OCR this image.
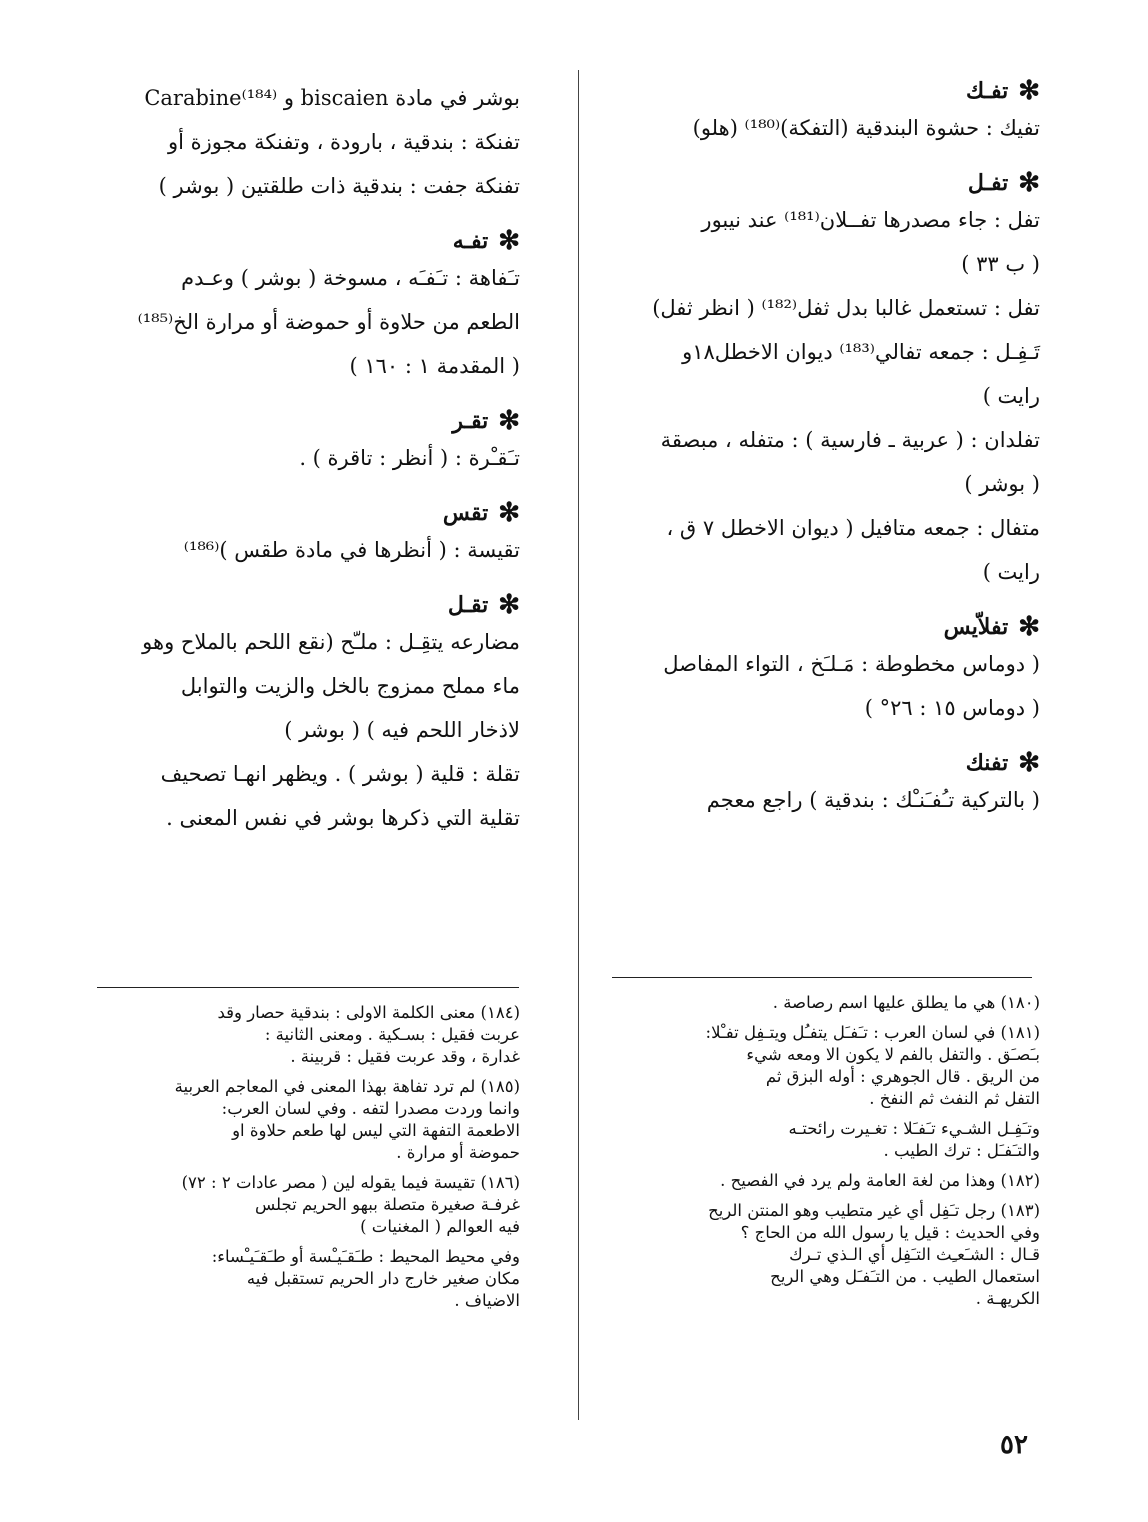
✻
تفـك

تفيك : حشوة البندقية (التفكة)⁽¹⁸⁰⁾ (هلو)

✻
تفـل

تفل : جاء مصدرها تفــلان⁽¹⁸¹⁾ عند نيبور

( ب ٣٣ )

تفل : تستعمل غالبا بدل ثفل⁽¹⁸²⁾ ( انظر ثفل)

تَـفِـل : جمعه تفالي⁽¹⁸³⁾ ديوان الاخطل١٨و

رايت )

تفلدان : ( عربية ـ فارسية ) : متفله ، مبصقة

( بوشر )

متفال : جمعه متافيل ( ديوان الاخطل ٧ ق ،

رايت )

✻
تفلاّيس

( دوماس مخطوطة : مَـلـَخ ، التواء المفاصل

( دوماس ١٥ : ٢٦° )

✻
تفنك

( بالتركية تـُفـَنـْك : بندقية ) راجع معجم

بوشر في مادة biscaien و Carabine⁽¹⁸⁴⁾

تفنكة : بندقية ، بارودة ، وتفنكة مجوزة أو

تفنكة جفت : بندقية ذات طلقتين ( بوشر )

✻
تفـه

تـَفاهة : تـَفـَه ، مسوخة ( بوشر ) وعـدم

الطعم من حلاوة أو حموضة أو مرارة الخ⁽¹⁸⁵⁾

( المقدمة ١ : ١٦٠ )

✻
تقـر

تـَقـْرة : ( أنظر : تاقرة ) .

✻
تقس

تقيسة : ( أنظرها في مادة طقس )⁽¹⁸⁶⁾

✻
تقـل

مضارعه يتقِـل : ملـّح (نقع اللحم بالملاح وهو

ماء مملح ممزوج بالخل والزيت والتوابل

لاذخار اللحم فيه ) ( بوشر )

تقلة : قلية ( بوشر ) . ويظهر انهـا تصحيف

تقلية التي ذكرها بوشر في نفس المعنى .

(١٨٠) هي ما يطلق عليها اسم رصاصة .

(١٨١) في لسان العرب : تـَفـَل يتفـُل ويتـفِل تفـْلا:

بـَصـَق . والتفل بالفم لا يكون الا ومعه شيء

من الريق . قال الجوهري : أوله البزق ثم

التفل ثم النفث ثم النفخ .

وتـَفِـل الشـيء تـَفـَلا : تغـيرت رائحتـه

والتـَفـَل : ترك الطيب .

(١٨٢) وهذا من لغة العامة ولم يرد في الفصيح .

(١٨٣) رجل تـَفِل أي غير متطيب وهو المنتن الريح

وفي الحديث : قيل يا رسول الله من الحاج ؟

قـال : الشـَعـِث التـَفِل أي الـذي تـرك

استعمال الطيب . من التـَفـَل وهي الريح

الكريهـة .

(١٨٤) معنى الكلمة الاولى : بندقية حصار وقد

عربت فقيل : بسـكية . ومعنى الثانية :

غدارة ، وقد عربت فقيل : قربينة .

(١٨٥) لم ترد تفاهة بهذا المعنى في المعاجم العربية

وانما وردت مصدرا لتفه . وفي لسان العرب:

الاطعمة التفهة التي ليس لها طعم حلاوة او

حموضة أو مرارة .

(١٨٦) تقيسة فيما يقوله لين ( مصر عادات ٢ : ٧٢)

غرفـة صغيرة متصلة ببهو الحريم تجلس

فيه العوالم ( المغنيات )

وفي محيط المحيط : طـَقـَيـْسة أو طـَقـَيـْساء:

مكان صغير خارج دار الحريم تستقبل فيه

الاضياف .

٥٢
